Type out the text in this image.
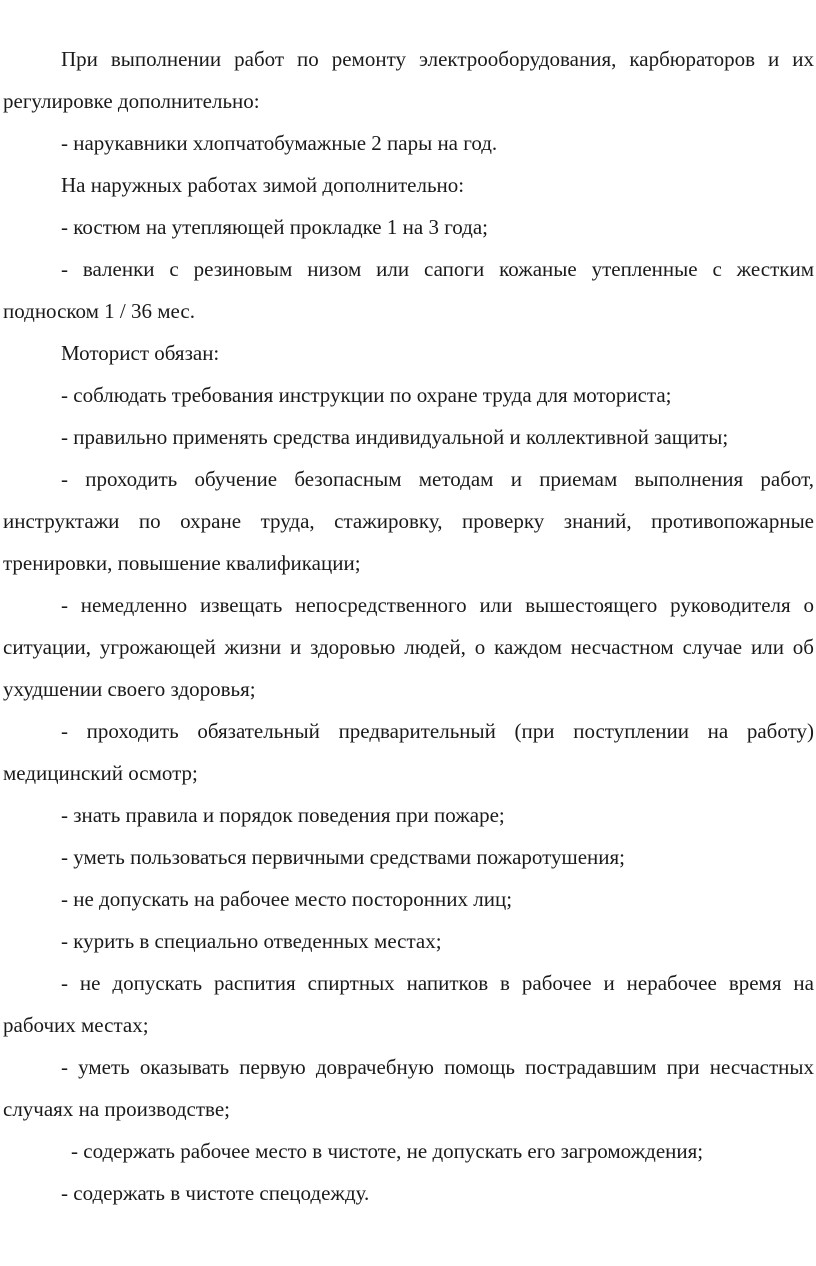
При выполнении работ по ремонту электрооборудования, карбюраторов и их регулировке дополнительно:

- нарукавники хлопчатобумажные 2 пары на год.

На наружных работах зимой дополнительно:

- костюм на утепляющей прокладке 1 на 3 года;

- валенки с резиновым низом или сапоги кожаные утепленные с жестким подноском 1 / 36 мес.

Моторист обязан:

- соблюдать требования инструкции по охране труда для моториста;

- правильно применять средства индивидуальной и коллективной защиты;

- проходить обучение безопасным методам и приемам выполнения работ, инструктажи по охране труда, стажировку, проверку знаний, противопожарные тренировки, повышение квалификации;

- немедленно извещать непосредственного или вышестоящего руководителя о ситуации, угрожающей жизни и здоровью людей, о каждом несчастном случае или об ухудшении своего здоровья;

- проходить обязательный предварительный (при поступлении на работу) медицинский осмотр;

- знать правила и порядок поведения при пожаре;

- уметь пользоваться первичными средствами пожаротушения;

- не допускать на рабочее место посторонних лиц;

- курить в специально отведенных местах;

- не допускать распития спиртных напитков в рабочее и нерабочее время на рабочих местах;

- уметь оказывать первую доврачебную помощь пострадавшим при несчастных случаях на производстве;

- содержать рабочее место в чистоте, не допускать его загромождения;

- содержать в чистоте спецодежду.
